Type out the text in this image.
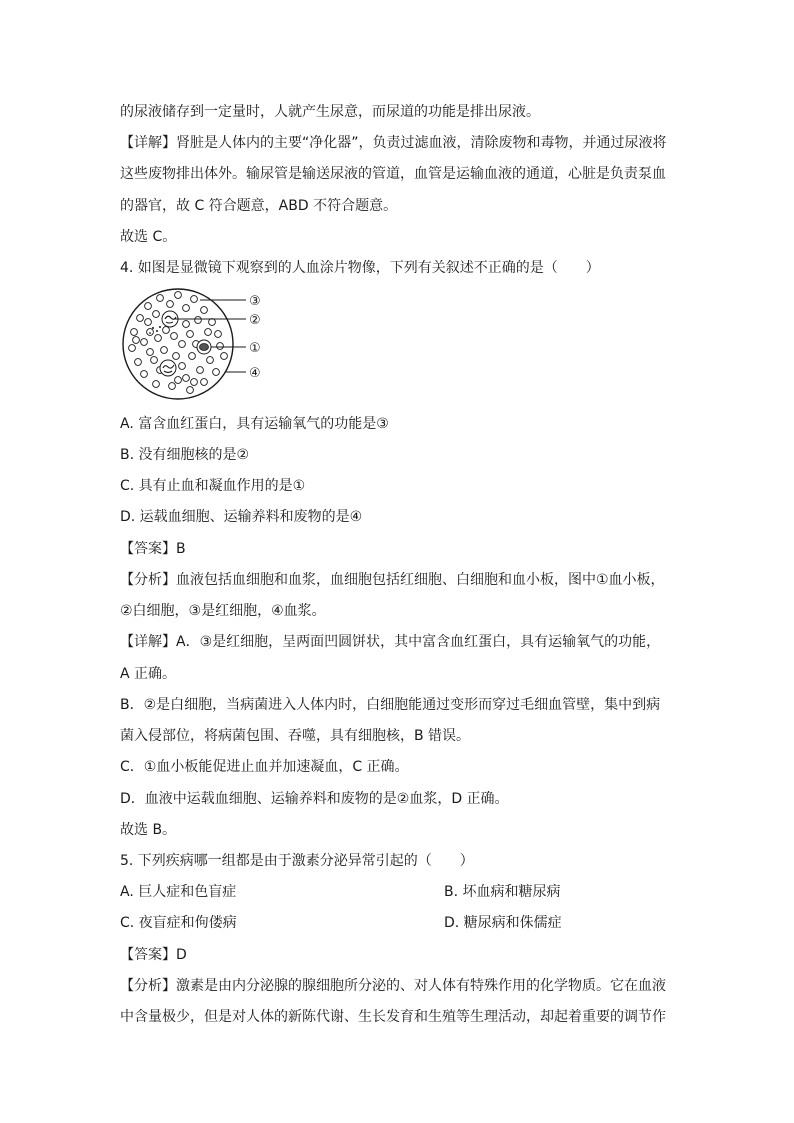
的尿液储存到一定量时，人就产生尿意，而尿道的功能是排出尿液。
【详解】肾脏是人体内的主要“净化器”，负责过滤血液，清除废物和毒物，并通过尿液将
这些废物排出体外。输尿管是输送尿液的管道，血管是运输血液的通道，心脏是负责泵血
的器官，故 C 符合题意，ABD 不符合题意。
故选 C。
4. 如图是显微镜下观察到的人血涂片物像，下列有关叙述不正确的是（　　）
③
②
①
④
A. 富含血红蛋白，具有运输氧气的功能是③
B. 没有细胞核的是②
C. 具有止血和凝血作用的是①
D. 运载血细胞、运输养料和废物的是④
【答案】B
【分析】血液包括血细胞和血浆，血细胞包括红细胞、白细胞和血小板，图中①血小板，
②白细胞，③是红细胞，④血浆。
【详解】A．③是红细胞，呈两面凹圆饼状，其中富含血红蛋白，具有运输氧气的功能，
A 正确。
B．②是白细胞，当病菌进入人体内时，白细胞能通过变形而穿过毛细血管壁，集中到病
菌入侵部位，将病菌包围、吞噬，具有细胞核，B 错误。
C．①血小板能促进止血并加速凝血，C 正确。
D．血液中运载血细胞、运输养料和废物的是②血浆，D 正确。
故选 B。
5. 下列疾病哪一组都是由于激素分泌异常引起的（　　）
A. 巨人症和色盲症	B. 坏血病和糖尿病
C. 夜盲症和佝偻病	D. 糖尿病和侏儒症
【答案】D
【分析】激素是由内分泌腺的腺细胞所分泌的、对人体有特殊作用的化学物质。它在血液
中含量极少，但是对人体的新陈代谢、生长发育和生殖等生理活动，却起着重要的调节作
